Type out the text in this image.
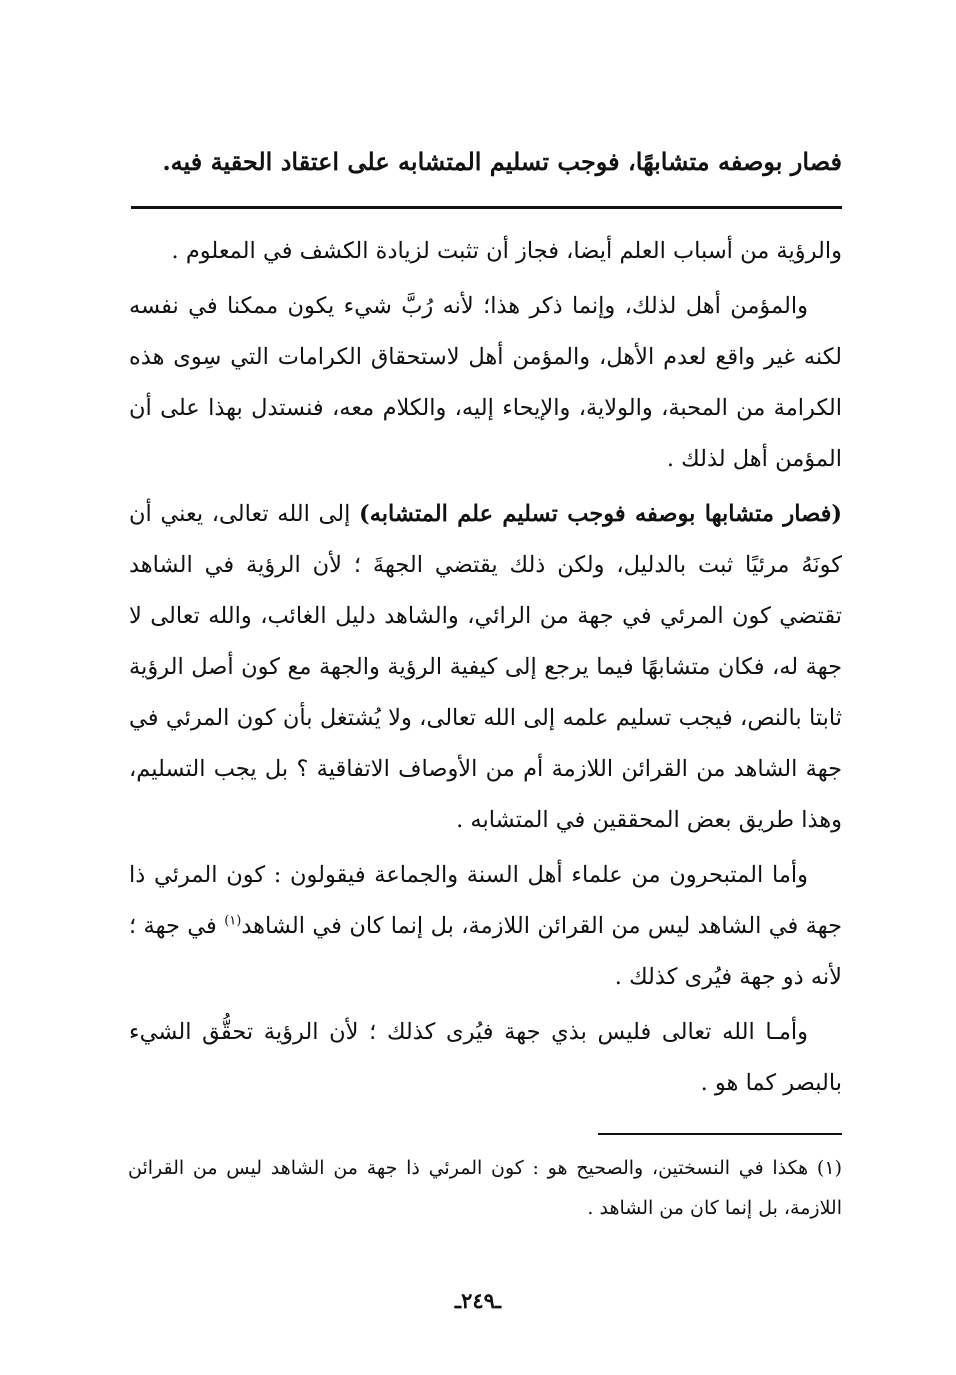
فصار بوصفه متشابهًا، فوجب تسليم المتشابه على اعتقاد الحقية فيه.

والرؤية من أسباب العلم أيضا، فجاز أن تثبت لزيادة الكشف في المعلوم .

والمؤمن أهل لذلك، وإنما ذكر هذا؛ لأنه رُبَّ شيء يكون ممكنا في نفسه لكنه غير واقع لعدم الأهل، والمؤمن أهل لاستحقاق الكرامات التي سِوى هذه الكرامة من المحبة، والولاية، والإيحاء إليه، والكلام معه، فنستدل بهذا على أن المؤمن أهل لذلك .

(فصار متشابها بوصفه فوجب تسليم علم المتشابه) إلى الله تعالى، يعني أن كونَهُ مرئيًا ثبت بالدليل، ولكن ذلك يقتضي الجهةَ ؛ لأن الرؤية في الشاهد تقتضي كون المرئي في جهة من الرائي، والشاهد دليل الغائب، والله تعالى لا جهة له، فكان متشابهًا فيما يرجع إلى كيفية الرؤية والجهة مع كون أصل الرؤية ثابتا بالنص، فيجب تسليم علمه إلى الله تعالى، ولا يُشتغل بأن كون المرئي في جهة الشاهد من القرائن اللازمة أم من الأوصاف الاتفاقية ؟ بل يجب التسليم، وهذا طريق بعض المحققين في المتشابه .

وأما المتبحرون من علماء أهل السنة والجماعة فيقولون : كون المرئي ذا جهة في الشاهد ليس من القرائن اللازمة، بل إنما كان في الشاهد$^{(١)}$ في جهة ؛ لأنه ذو جهة فيُرى كذلك .

وأمـا الله تعالى فليس بذي جهة فيُرى كذلك ؛ لأن الرؤية تحقُّق الشيء بالبصر كما هو .

(١) هكذا في النسختين، والصحيح هو : كون المرئي ذا جهة من الشاهد ليس من القرائن اللازمة، بل إنما كان من الشاهد .
ـ٢٤٩ـ
